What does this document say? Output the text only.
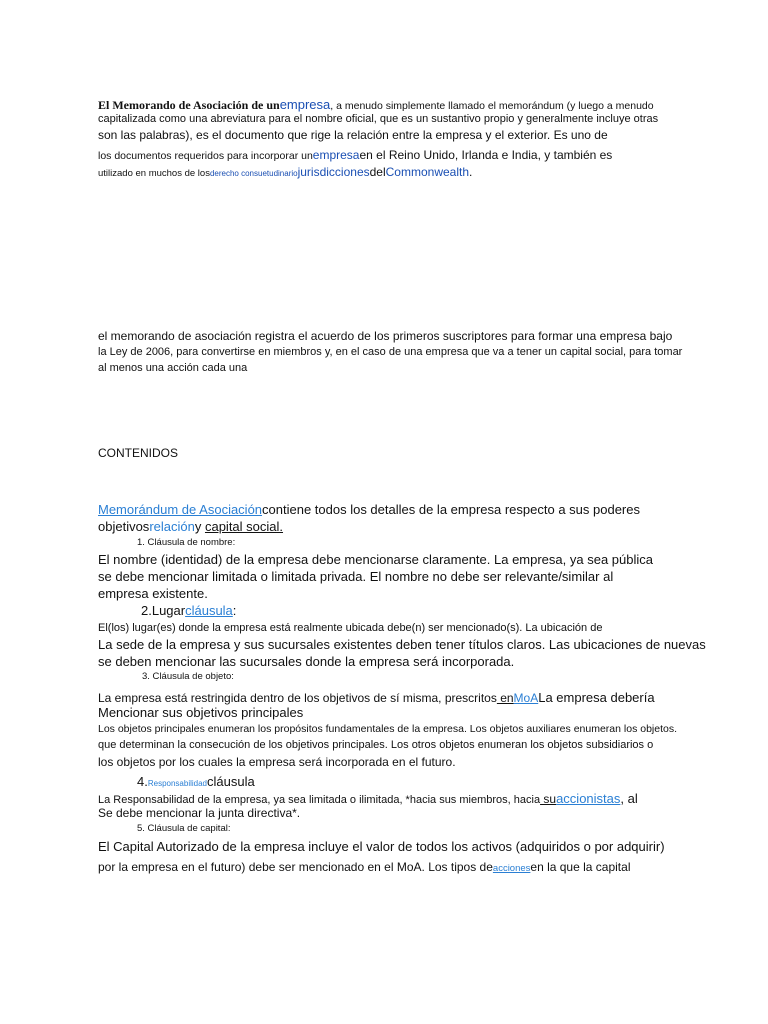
El Memorando de Asociación de unempresa, a menudo simplemente llamado el memorándum (y luego a menudo
capitalizada como una abreviatura para el nombre oficial, que es un sustantivo propio y generalmente incluye otras
son las palabras), es el documento que rige la relación entre la empresa y el exterior. Es uno de
los documentos requeridos para incorporar unempresaen el Reino Unido, Irlanda e India, y también es
utilizado en muchos de losderecho consuetudinariojurisdiccionesdelCommonwealth.
el memorando de asociación registra el acuerdo de los primeros suscriptores para formar una empresa bajo
la Ley de 2006, para convertirse en miembros y, en el caso de una empresa que va a tener un capital social, para tomar
al menos una acción cada una
CONTENIDOS
Memorándum de Asociacióncontiene todos los detalles de la empresa respecto a sus poderes
objetivosrelacióny capital social.
1. Cláusula de nombre:
El nombre (identidad) de la empresa debe mencionarse claramente. La empresa, ya sea pública
se debe mencionar limitada o limitada privada. El nombre no debe ser relevante/similar al
empresa existente.
2.Lugarcláusula:
El(los) lugar(es) donde la empresa está realmente ubicada debe(n) ser mencionado(s). La ubicación de
La sede de la empresa y sus sucursales existentes deben tener títulos claros. Las ubicaciones de nuevas
se deben mencionar las sucursales donde la empresa será incorporada.
3. Cláusula de objeto:
La empresa está restringida dentro de los objetivos de sí misma, prescritos enMoALa empresa debería
Mencionar sus objetivos principales
Los objetos principales enumeran los propósitos fundamentales de la empresa. Los objetos auxiliares enumeran los objetos.
que determinan la consecución de los objetivos principales. Los otros objetos enumeran los objetos subsidiarios o
los objetos por los cuales la empresa será incorporada en el futuro.
4.Responsabilidadcláusula
La Responsabilidad de la empresa, ya sea limitada o ilimitada, *hacia sus miembros, hacia suaccionistas, al
Se debe mencionar la junta directiva*.
5. Cláusula de capital:
El Capital Autorizado de la empresa incluye el valor de todos los activos (adquiridos o por adquirir)
por la empresa en el futuro) debe ser mencionado en el MoA. Los tipos deaccionesen la que la capital
